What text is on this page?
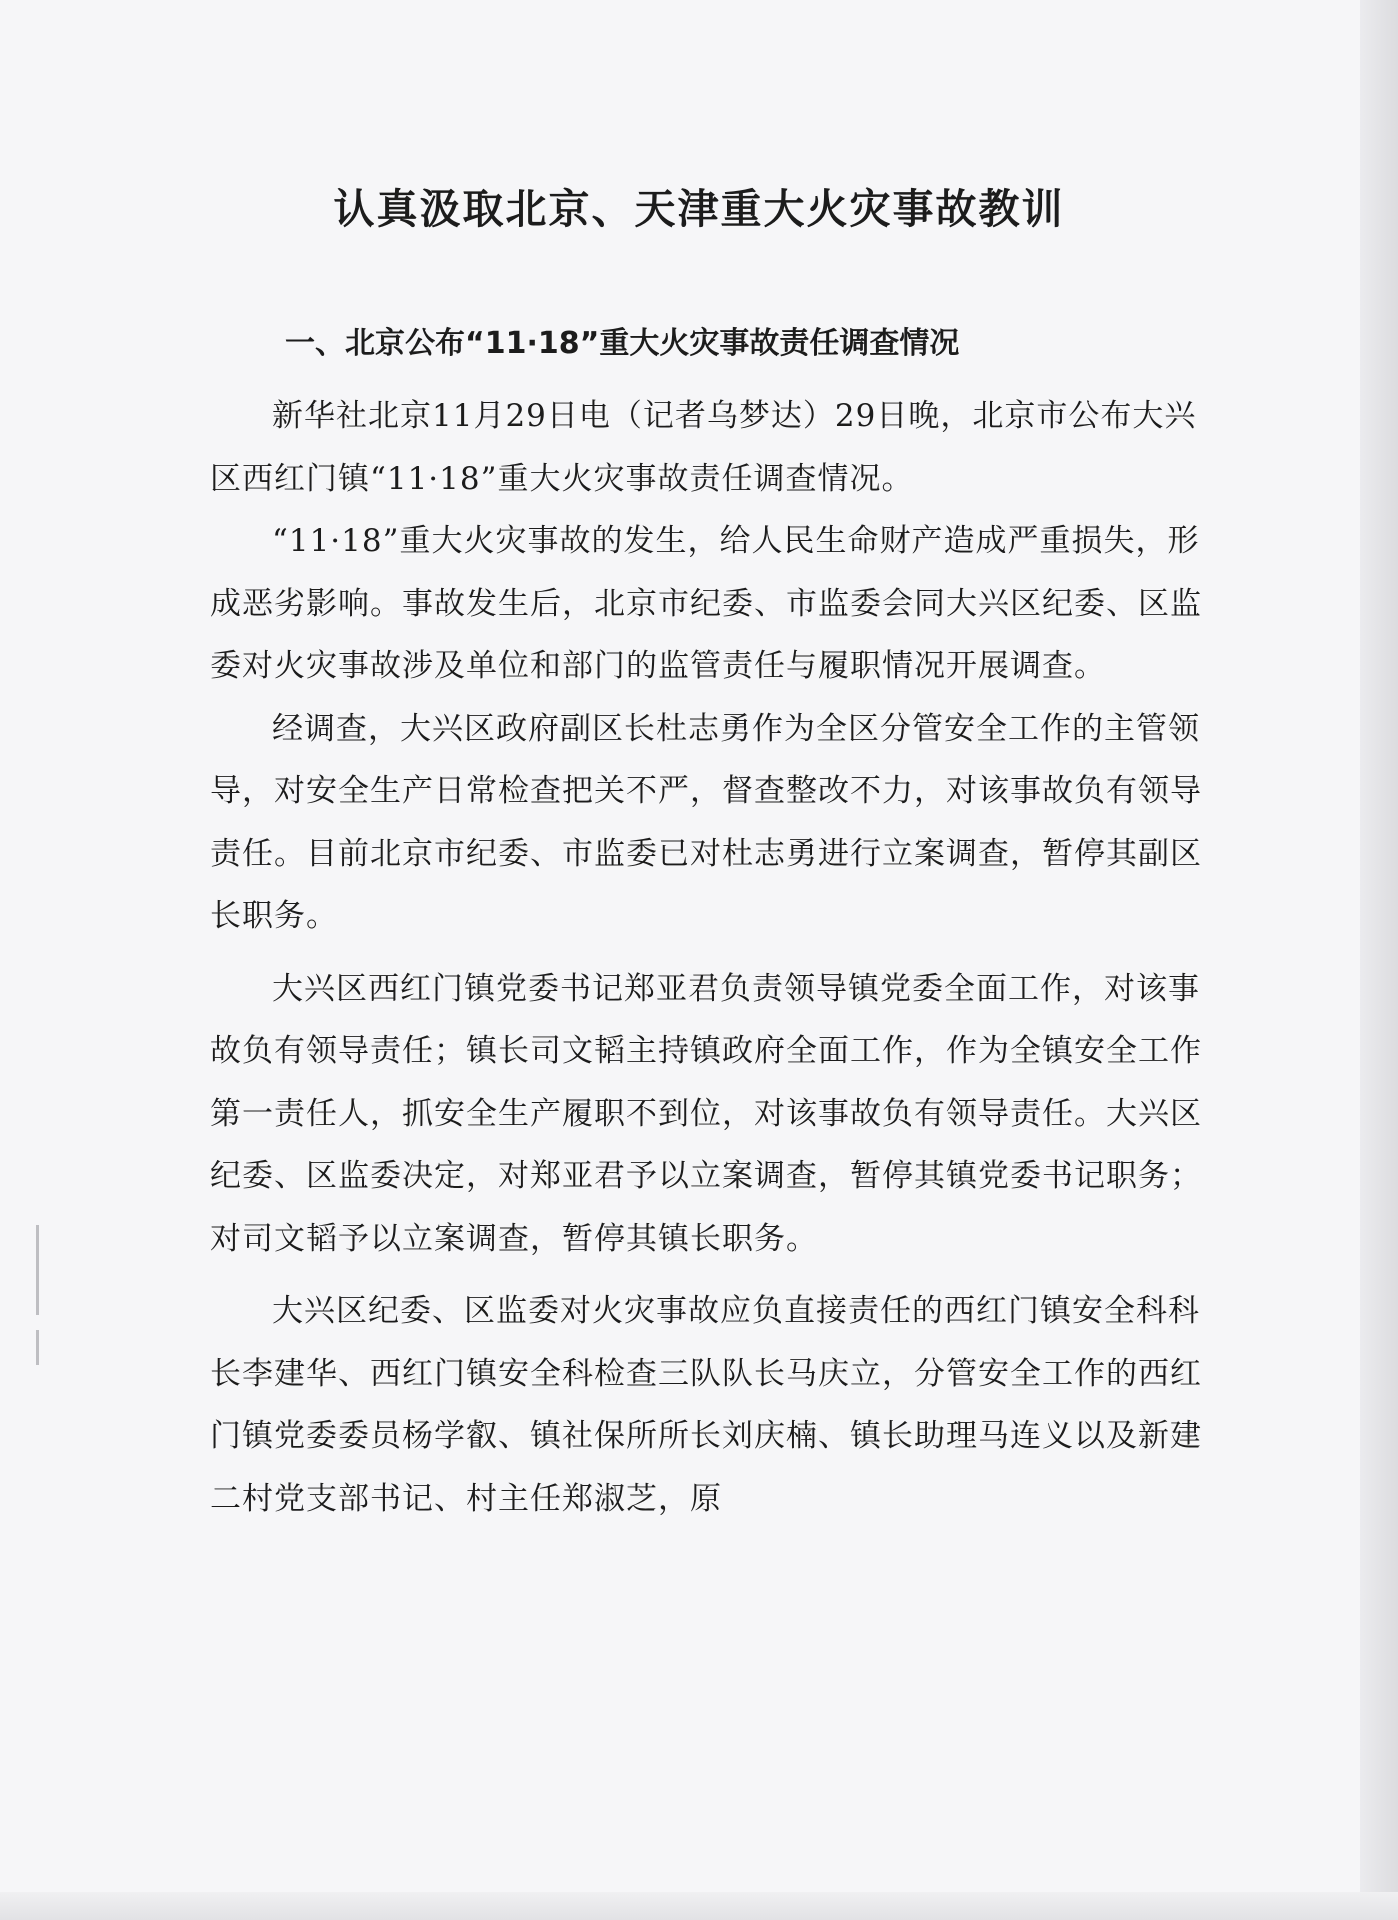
认真汲取北京、天津重大火灾事故教训
一、北京公布“11·18”重大火灾事故责任调查情况

新华社北京11月29日电（记者乌梦达）29日晚，北京市公布大兴区西红门镇“11·18”重大火灾事故责任调查情况。

“11·18”重大火灾事故的发生，给人民生命财产造成严重损失，形成恶劣影响。事故发生后，北京市纪委、市监委会同大兴区纪委、区监委对火灾事故涉及单位和部门的监管责任与履职情况开展调查。

经调查，大兴区政府副区长杜志勇作为全区分管安全工作的主管领导，对安全生产日常检查把关不严，督查整改不力，对该事故负有领导责任。目前北京市纪委、市监委已对杜志勇进行立案调查，暂停其副区长职务。

大兴区西红门镇党委书记郑亚君负责领导镇党委全面工作，对该事故负有领导责任；镇长司文韬主持镇政府全面工作，作为全镇安全工作第一责任人，抓安全生产履职不到位，对该事故负有领导责任。大兴区纪委、区监委决定，对郑亚君予以立案调查，暂停其镇党委书记职务；对司文韬予以立案调查，暂停其镇长职务。

大兴区纪委、区监委对火灾事故应负直接责任的西红门镇安全科科长李建华、西红门镇安全科检查三队队长马庆立，分管安全工作的西红门镇党委委员杨学叡、镇社保所所长刘庆楠、镇长助理马连义以及新建二村党支部书记、村主任郑淑芝，原
